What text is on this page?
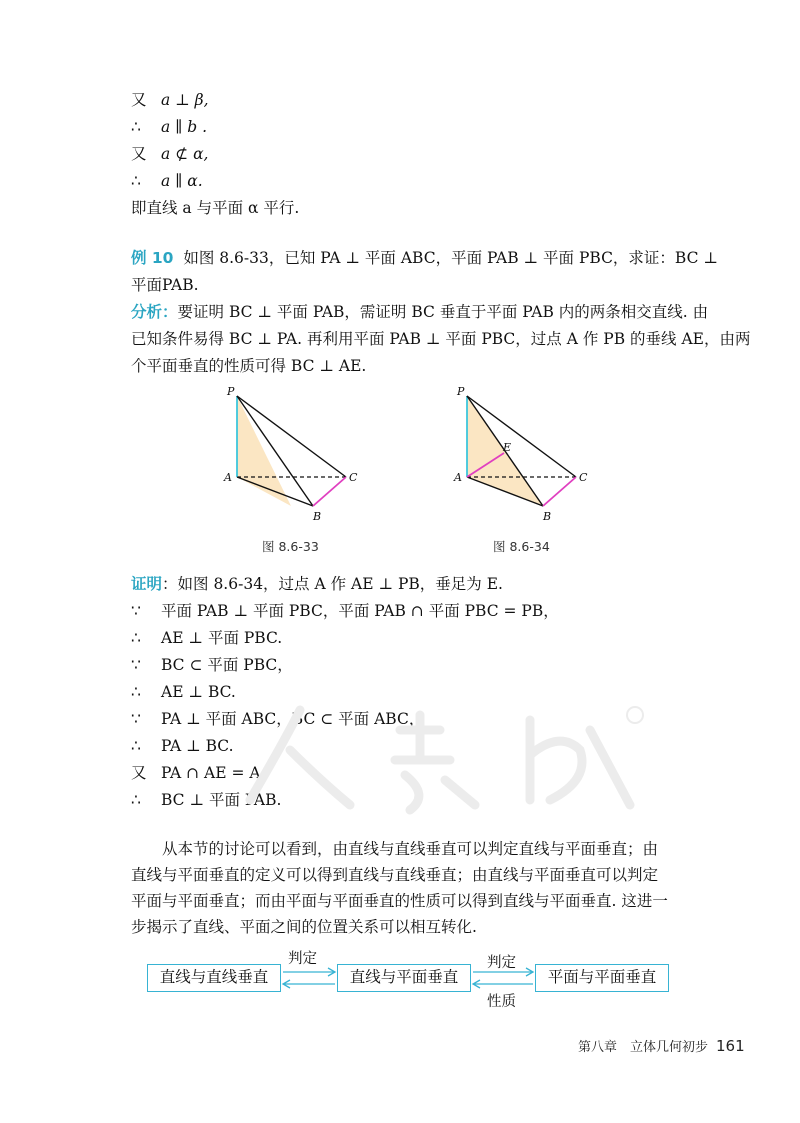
又 a ⊥ β,
∴ a ∥ b .
又 a ⊄ α,
∴ a ∥ α.
即直线 a 与平面 α 平行.
例 10 如图 8.6-33，已知 PA ⊥ 平面 ABC，平面 PAB ⊥ 平面 PBC，求证：BC ⊥
平面PAB.
分析：要证明 BC ⊥ 平面 PAB，需证明 BC 垂直于平面 PAB 内的两条相交直线. 由
已知条件易得 BC ⊥ PA. 再利用平面 PAB ⊥ 平面 PBC，过点 A 作 PB 的垂线 AE，由两
个平面垂直的性质可得 BC ⊥ AE.
P
A
B
C
图 8.6-33
P
A
B
C
E
图 8.6-34
证明：如图 8.6-34，过点 A 作 AE ⊥ PB，垂足为 E.
∵ 平面 PAB ⊥ 平面 PBC，平面 PAB ∩ 平面 PBC = PB，
∴ AE ⊥ 平面 PBC.
∵ BC ⊂ 平面 PBC，
∴ AE ⊥ BC.
∵ PA ⊥ 平面 ABC，BC ⊂ 平面 ABC，
∴ PA ⊥ BC.
又 PA ∩ AE = A，
∴ BC ⊥ 平面 PAB.
从本节的讨论可以看到，由直线与直线垂直可以判定直线与平面垂直；由直线与平面垂直的定义可以得到直线与直线垂直；由直线与平面垂直可以判定平面与平面垂直；而由平面与平面垂直的性质可以得到直线与平面垂直. 这进一步揭示了直线、平面之间的位置关系可以相互转化.
直线与直线垂直	直线与平面垂直	平面与平面垂直
判定	判定
性质
第八章　立体几何初步 161
